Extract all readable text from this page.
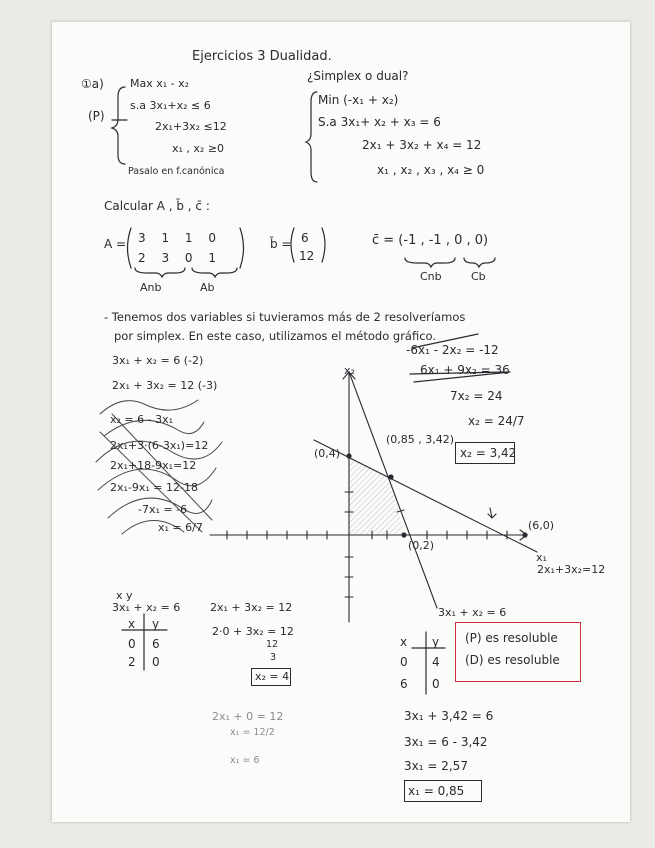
Ejercicios 3 Dualidad.
①a) Max x₁ - x₂
s.a 3x₁+x₂ ≤ 6
(P)
2x₁+3x₂ ≤12
x₁ , x₂ ≥0
Pasalo en f.canónica
¿Simplex o dual?
Min (-x₁ + x₂)
S.a 3x₁+ x₂ + x₃ = 6
2x₁ + 3x₂ + x₄ = 12
x₁ , x₂ , x₃ , x₄ ≥ 0
Calcular A , b̄ , c̄ :
A = 3 1 1 0
2 3 0 1
Anb	Ab
b̄ = 6
12
c̄ = (-1 , -1 , 0 , 0)
Cnb	Cb
- Tenemos dos variables si tuvieramos más de 2 resolveríamos
por simplex. En este caso, utilizamos el método gráfico.
3x₁ + x₂ = 6 (-2)
2x₁ + 3x₂ = 12 (-3)
x₂ = 6 - 3x₁
2x₁+3·(6-3x₁)=12
2x₁+18-9x₁=12
2x₁-9x₁ = 12-18
-7x₁ = -6
x₁ = 6/7
-6x₁ - 2x₂ = -12
6x₁ + 9x₂ = 36
7x₂ = 24
x₂ = 24/7
x₂ = 3,42
x₂
x₁
(0,4)
(0,85 , 3,42)
(0,2)
(6,0)
2x₁+3x₂=12
3x₁ + x₂ = 6
x y
3x₁ + x₂ = 6
x y
0 6
2 0
2x₁ + 3x₂ = 12
2·0 + 3x₂ = 12
12
3
x₂ = 4
2x₁ + 0 = 12
x₁ = 12/2
x₁ = 6
x y
0 4
6 0
(P) es resoluble
(D) es resoluble
3x₁ + 3,42 = 6
3x₁ = 6 - 3,42
3x₁ = 2,57
x₁ = 0,85
